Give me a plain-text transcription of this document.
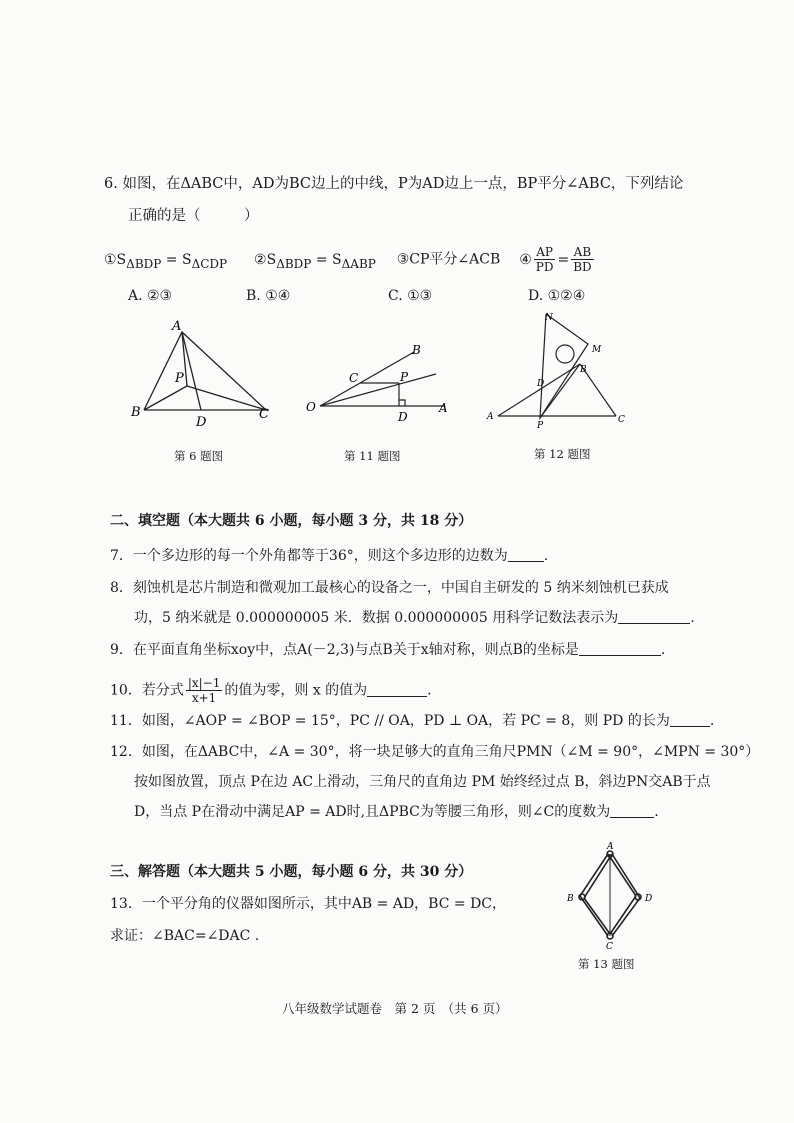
6. 如图，在ΔABC中，AD为BC边上的中线，P为AD边上一点，BP平分∠ABC，下列结论
正确的是（　　　）
$①S_{\Delta BDP} = S_{\Delta CDP}$ $②S_{\Delta BDP} = S_{\Delta ABP}$ ③CP平分∠ACB ④ $\frac{AP}{PD} = \frac{AB}{BD}$
A. ②③	B. ①④	C. ①③	D. ①②④
A
B	C
D
P
第 6 题图
O	A
B
C	P
D
第 11 题图
N
M
B
D
A
P
C
第 12 题图
二、填空题（本大题共 6 小题，每小题 3 分，共 18 分）
7．一个多边形的每一个外角都等于36°，则这个多边形的边数为	.
8．刻蚀机是芯片制造和微观加工最核心的设备之一，中国自主研发的 5 纳米刻蚀机已获成
功，5 纳米就是 0.000000005 米．数据 0.000000005 用科学记数法表示为	.
9．在平面直角坐标xoy中，点A(－2,3)与点B关于x轴对称，则点B的坐标是	.
10．若分式 $\frac{|x|-1}{x+1}$ 的值为零，则 x 的值为	.
11．如图，∠AOP = ∠BOP = 15°，PC // OA，PD ⊥ OA，若 PC = 8，则 PD 的长为	.
12．如图，在ΔABC中，∠A = 30°，将一块足够大的直角三角尺PMN（∠M = 90°，∠MPN = 30°）
按如图放置，顶点 P在边 AC上滑动，三角尺的直角边 PM 始终经过点 B，斜边PN交AB于点
D，当点 P在滑动中满足AP = AD时,且ΔPBC为等腰三角形，则∠C的度数为	.
三、解答题（本大题共 5 小题，每小题 6 分，共 30 分）
13．一个平分角的仪器如图所示，其中AB = AD，BC = DC，
求证：∠BAC=∠DAC .
A
B	D
C
第 13 题图
八年级数学试题卷　第 2 页　（共 6 页）
